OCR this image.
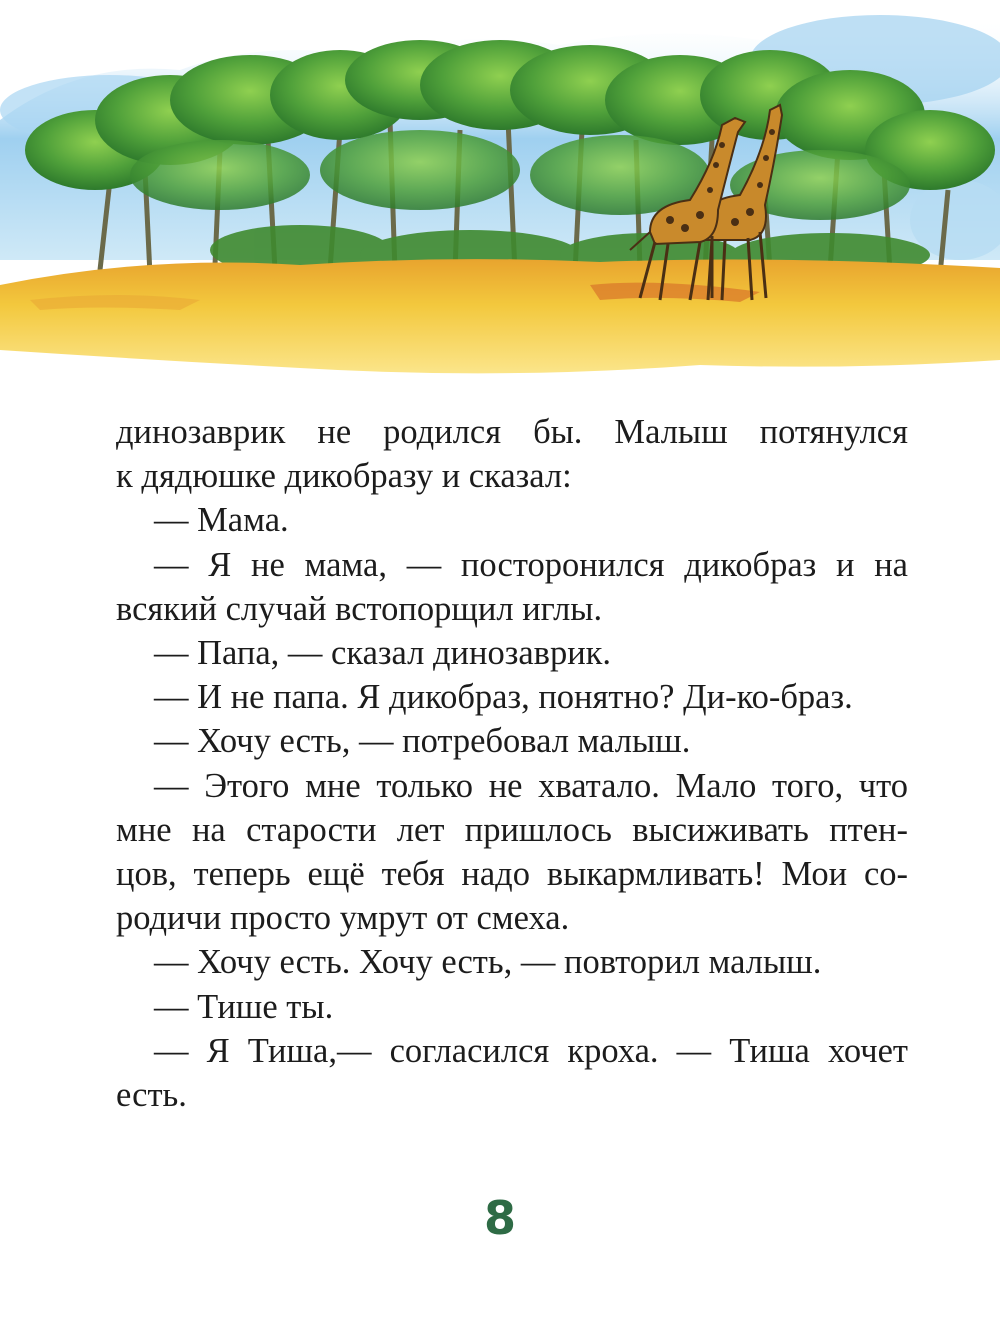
динозаврик не родился бы. Малыш потянулся
к дядюшке дикобразу и сказал:

— Мама.

— Я не мама, — посторонился дикобраз и на
всякий случай встопорщил иглы.

— Папа, — сказал динозаврик.

— И не папа. Я дикобраз, понятно? Ди-ко-браз.

— Хочу есть, — потребовал малыш.

— Этого мне только не хватало. Мало того, что
мне на старости лет пришлось высиживать птен-
цов, теперь ещё тебя надо выкармливать! Мои со-
родичи просто умрут от смеха.

— Хочу есть. Хочу есть, — повторил малыш.

— Тише ты.

— Я Тиша,— согласился кроха. — Тиша хочет
есть.

8
